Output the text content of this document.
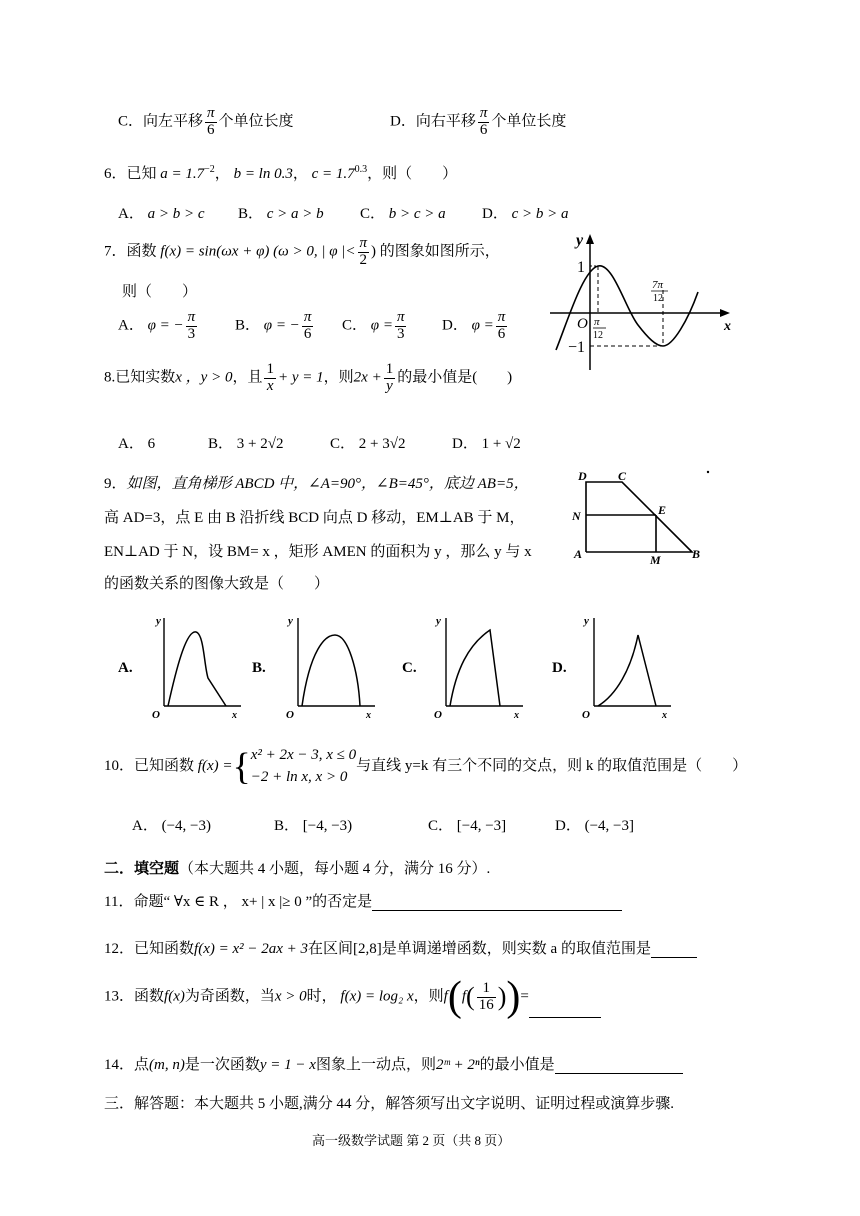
C．向左平移 $\frac{\pi}{6}$ 个单位长度	D．向右平移 $\frac{\pi}{6}$ 个单位长度
6．已知 $a = 1.7^{-2}$， b = ln 0.3， $c = 1.7^{0.3}$，则（　　）
A． a > b > c B． c > a > b C． b > c > a D． c > b > a
7．函数 f(x) = sin(ωx + φ) (ω > 0, | φ |< $\frac{\pi}{2}$ ) 的图象如图所示，
则（　　）
A． φ = − $\frac{\pi}{3}$	B． φ = − $\frac{\pi}{6}$ C． $\varphi = \frac{\pi}{3}$ D． $\varphi = \frac{\pi}{6}$
y
x
O
1
−1
π
12
7π
12
8.已知实数x ，y > 0，且 $\frac{1}{x} + y = 1$，则$2x + \frac{1}{y}$ 的最小值是(　　)
A． 6	B． 3 + 2√2	C． 2 + 3√2	D． 1 + √2
9．如图，直角梯形 ABCD 中，∠A=90°，∠B=45°，底边 AB=5，
高 AD=3，点 E 由 B 沿折线 BCD 向点 D 移动，EM⊥AB 于 M，
EN⊥AD 于 N，设 BM= x ，矩形 AMEN 的面积为 y ，那么 y 与 x
的函数关系的图像大致是（　　）
D	C
N	E
A	M	B
A.
y
x
O
B.
y
x
O
C.
y
x
O
D.
y
x
O
10．已知函数 f(x) ={ x² + 2x − 3, x ≤ 0
−2 + ln x, x > 0
与直线 y=k 有三个不同的交点，则 k 的取值范围是（　　）
A． (−4, −3)	B． [−4, −3)	C． [−4, −3]	D． (−4, −3]
二．填空题（本大题共 4 小题，每小题 4 分，满分 16 分）.
11．命题“ ∀x ∈ R ， x+ | x |≥ 0 ”的否定是
12．已知函数f(x) = x² − 2ax + 3在区间[2,8]是单调递增函数，则实数 a 的取值范围是
13．函数f(x)为奇函数，当x > 0时， f(x) = log₂ x，则$f(f( \frac{1}{16}$ ))=
14．点(m, n)是一次函数y = 1 − x图象上一动点，则2ᵐ + 2ⁿ的最小值是
三．解答题：本大题共 5 小题,满分 44 分，解答须写出文字说明、证明过程或演算步骤.
高一级数学试题 第 2 页（共 8 页）
